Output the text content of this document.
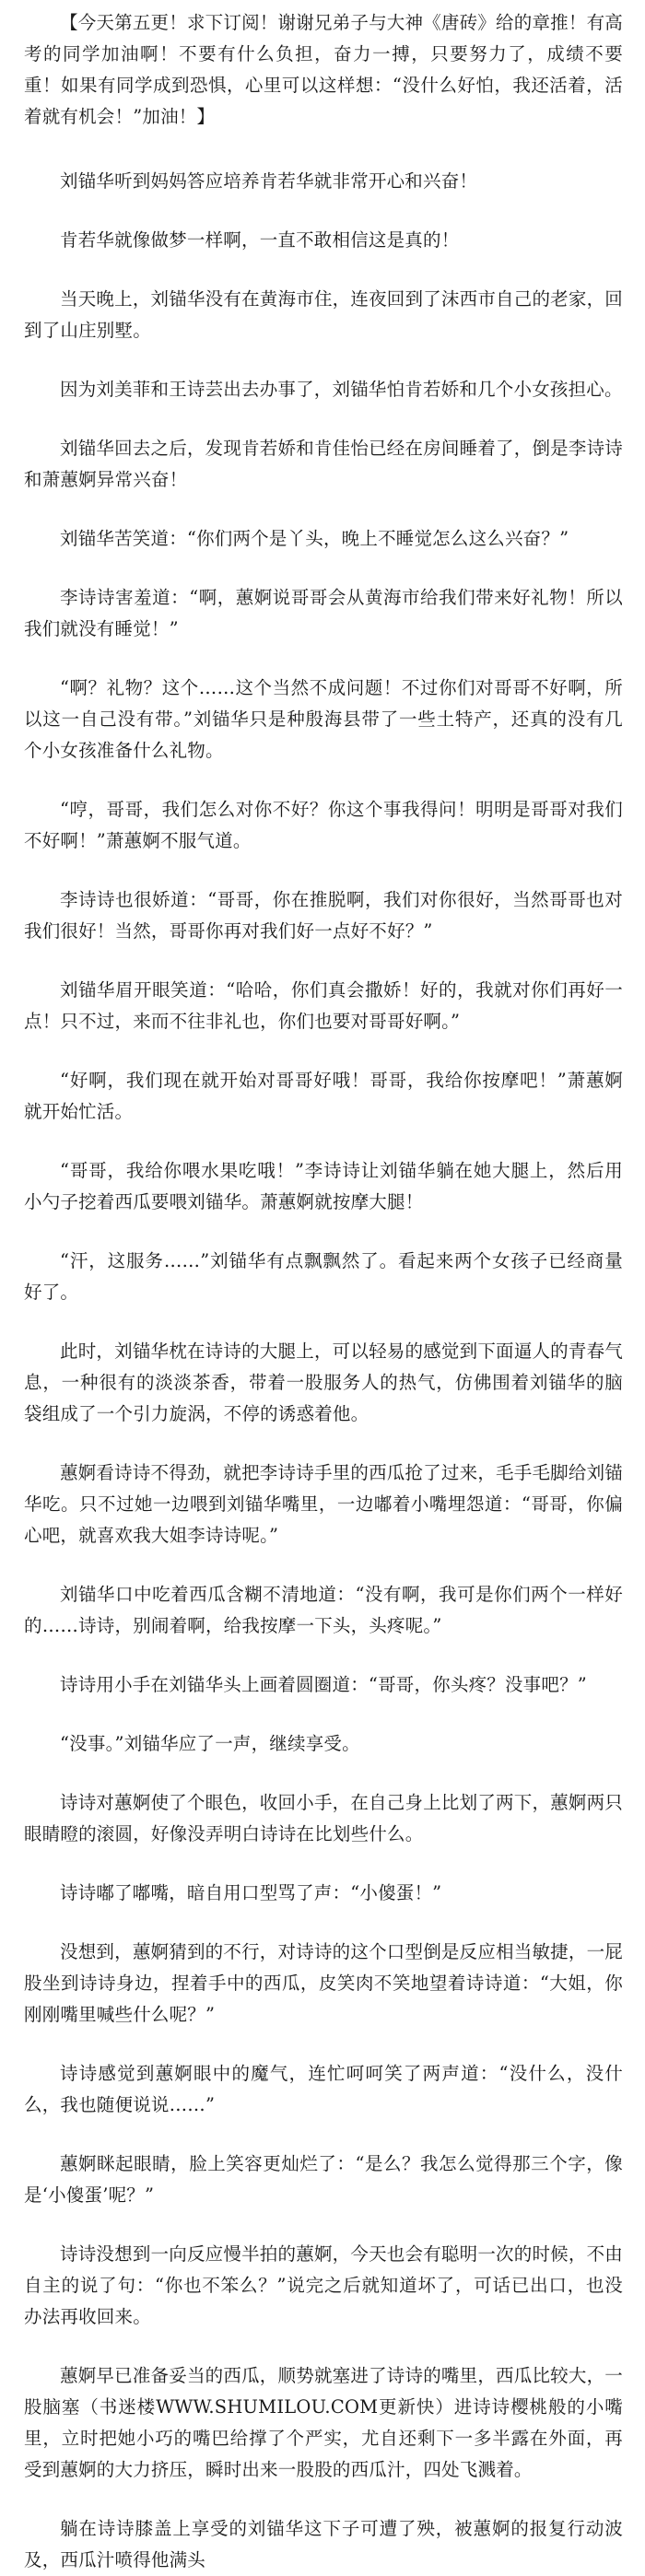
【今天第五更！求下订阅！谢谢兄弟子与大神《唐砖》给的章推！有高考的同学加油啊！不要有什么负担，奋力一搏，只要努力了，成绩不要重！如果有同学成到恐惧，心里可以这样想：“没什么好怕，我还活着，活着就有机会！”加油！】

刘锚华听到妈妈答应培养肯若华就非常开心和兴奋！

肯若华就像做梦一样啊，一直不敢相信这是真的！

当天晚上，刘锚华没有在黄海市住，连夜回到了沫西市自己的老家，回到了山庄别墅。

因为刘美菲和王诗芸出去办事了，刘锚华怕肯若娇和几个小女孩担心。

刘锚华回去之后，发现肯若娇和肯佳怡已经在房间睡着了，倒是李诗诗和萧蕙婀异常兴奋！

刘锚华苦笑道：“你们两个是丫头，晚上不睡觉怎么这么兴奋？”

李诗诗害羞道：“啊，蕙婀说哥哥会从黄海市给我们带来好礼物！所以我们就没有睡觉！”

“啊？礼物？这个……这个当然不成问题！不过你们对哥哥不好啊，所以这一自己没有带。”刘锚华只是种殷海县带了一些土特产，还真的没有几个小女孩准备什么礼物。

“哼，哥哥，我们怎么对你不好？你这个事我得问！明明是哥哥对我们不好啊！”萧蕙婀不服气道。

李诗诗也很娇道：“哥哥，你在推脱啊，我们对你很好，当然哥哥也对我们很好！当然，哥哥你再对我们好一点好不好？”

刘锚华眉开眼笑道：“哈哈，你们真会撒娇！好的，我就对你们再好一点！只不过，来而不往非礼也，你们也要对哥哥好啊。”

“好啊，我们现在就开始对哥哥好哦！哥哥，我给你按摩吧！”萧蕙婀就开始忙活。

“哥哥，我给你喂水果吃哦！”李诗诗让刘锚华躺在她大腿上，然后用小勺子挖着西瓜要喂刘锚华。萧蕙婀就按摩大腿！

“汗，这服务……”刘锚华有点飘飘然了。看起来两个女孩子已经商量好了。

此时，刘锚华枕在诗诗的大腿上，可以轻易的感觉到下面逼人的青春气息，一种很有的淡淡茶香，带着一股服务人的热气，仿佛围着刘锚华的脑袋组成了一个引力旋涡，不停的诱惑着他。

蕙婀看诗诗不得劲，就把李诗诗手里的西瓜抢了过来，毛手毛脚给刘锚华吃。只不过她一边喂到刘锚华嘴里，一边嘟着小嘴埋怨道：“哥哥，你偏心吧，就喜欢我大姐李诗诗呢。”

刘锚华口中吃着西瓜含糊不清地道：“没有啊，我可是你们两个一样好的……诗诗，别闹着啊，给我按摩一下头，头疼呢。”

诗诗用小手在刘锚华头上画着圆圈道：“哥哥，你头疼？没事吧？”

“没事。”刘锚华应了一声，继续享受。

诗诗对蕙婀使了个眼色，收回小手，在自己身上比划了两下，蕙婀两只眼睛瞪的滚圆，好像没弄明白诗诗在比划些什么。

诗诗嘟了嘟嘴，暗自用口型骂了声：“小傻蛋！”

没想到，蕙婀猜到的不行，对诗诗的这个口型倒是反应相当敏捷，一屁股坐到诗诗身边，捏着手中的西瓜，皮笑肉不笑地望着诗诗道：“大姐，你刚刚嘴里喊些什么呢？”

诗诗感觉到蕙婀眼中的魔气，连忙呵呵笑了两声道：“没什么，没什么，我也随便说说……”

蕙婀眯起眼睛，脸上笑容更灿烂了：“是么？我怎么觉得那三个字，像是‘小傻蛋’呢？”

诗诗没想到一向反应慢半拍的蕙婀，今天也会有聪明一次的时候，不由自主的说了句：“你也不笨么？”说完之后就知道坏了，可话已出口，也没办法再收回来。

蕙婀早已准备妥当的西瓜，顺势就塞进了诗诗的嘴里，西瓜比较大，一股脑塞（书迷楼WWW.SHUMILOU.COM更新快）进诗诗樱桃般的小嘴里，立时把她小巧的嘴巴给撑了个严实，尤自还剩下一多半露在外面，再受到蕙婀的大力挤压，瞬时出来一股股的西瓜汁，四处飞溅着。

躺在诗诗膝盖上享受的刘锚华这下子可遭了殃，被蕙婀的报复行动波及，西瓜汁喷得他满头
